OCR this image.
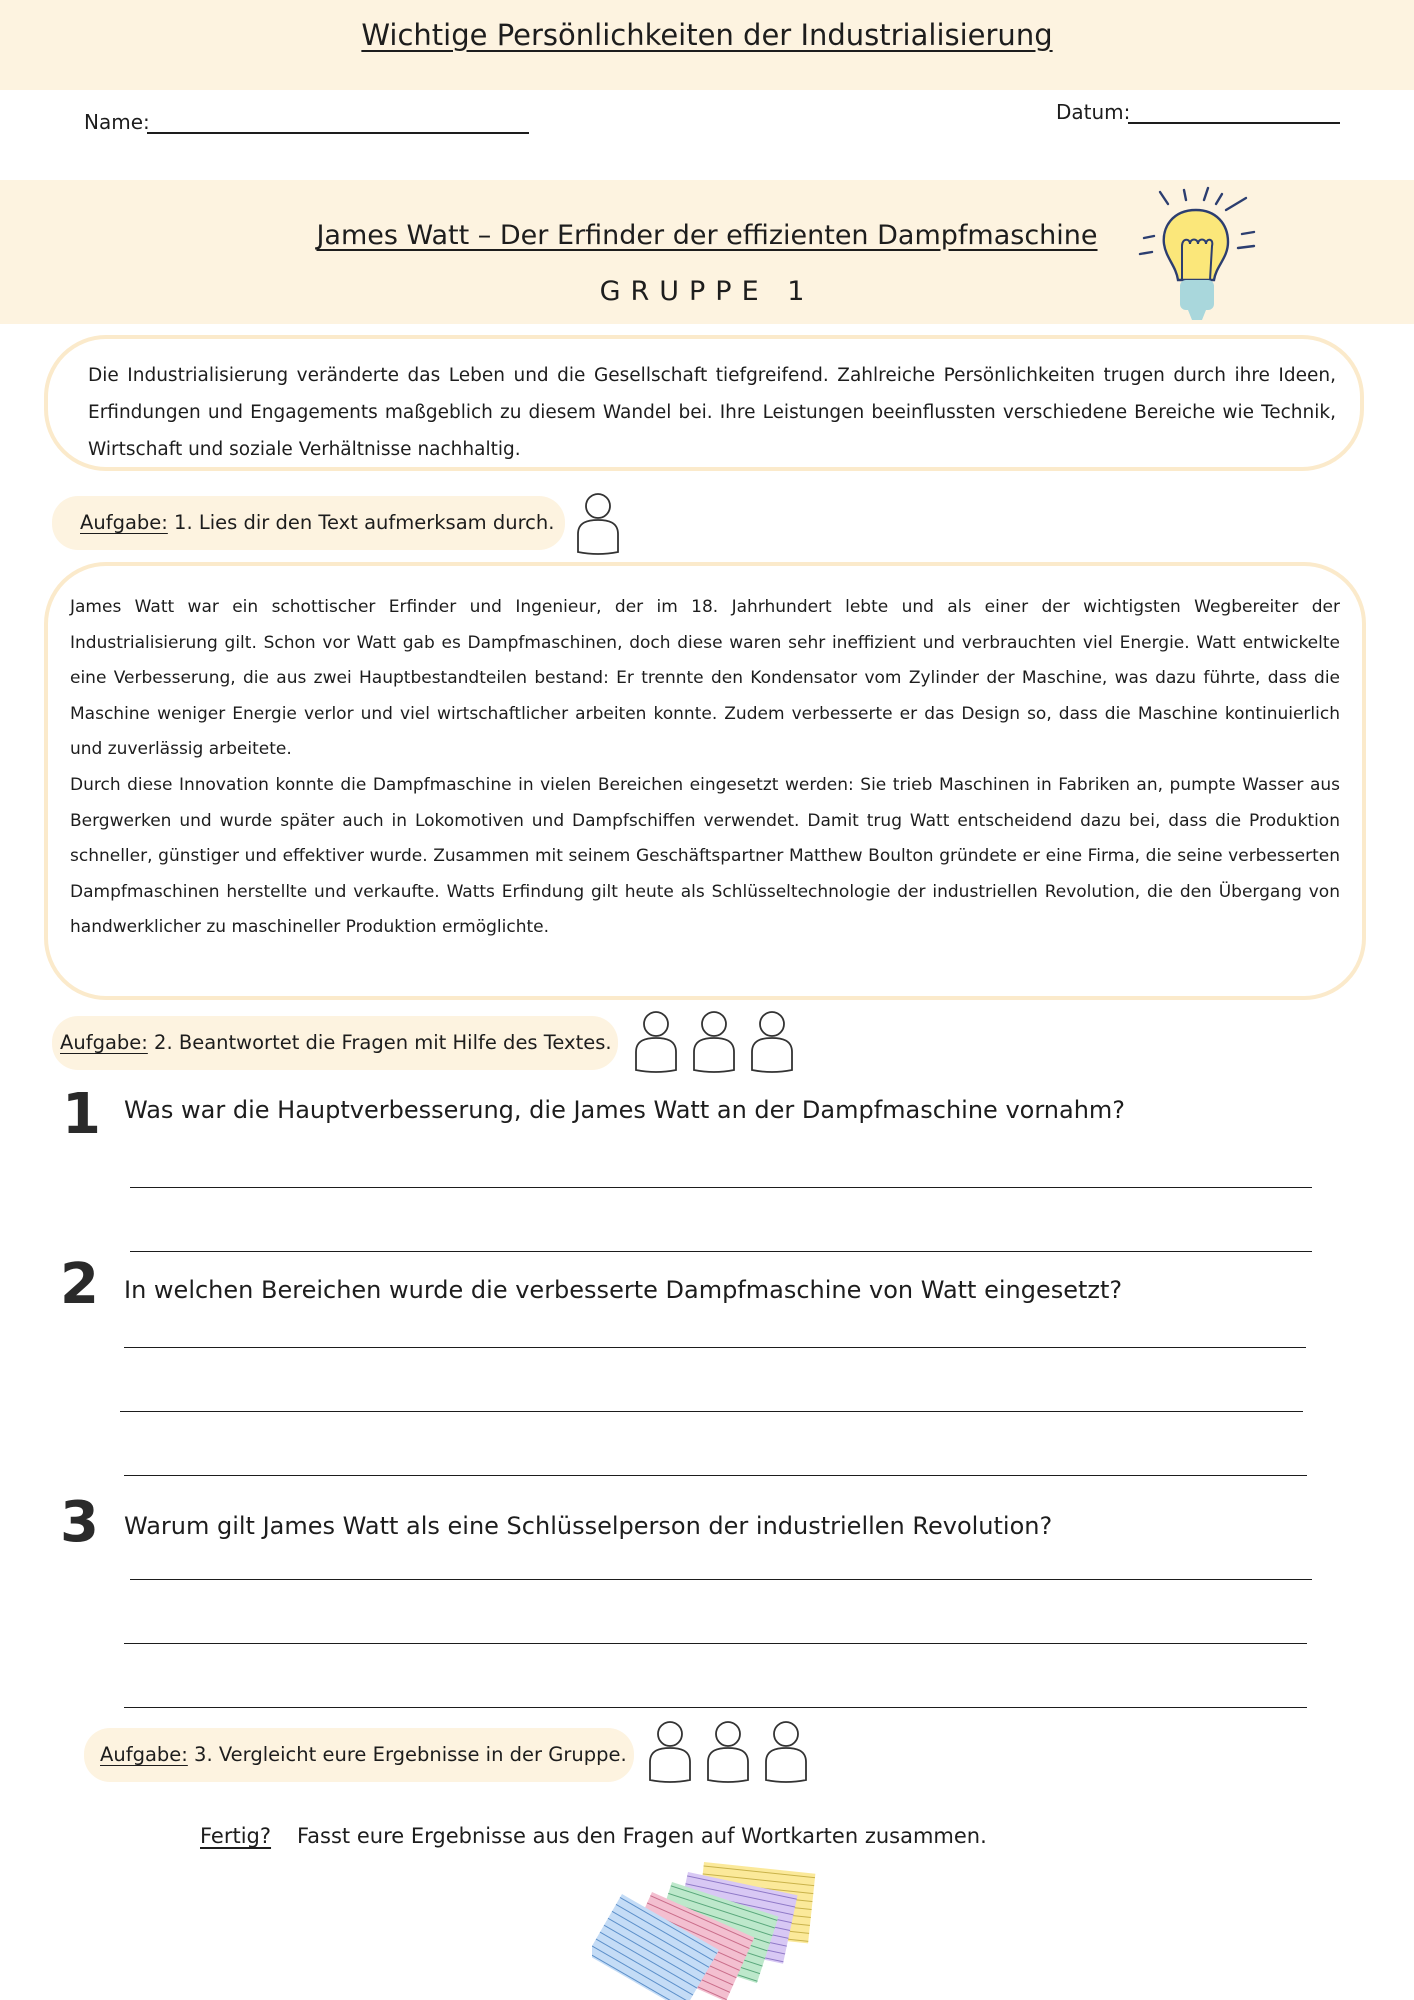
Wichtige Persönlichkeiten der Industrialisierung
Name:	Datum:
James Watt – Der Erfinder der effizienten Dampfmaschine
GRUPPE 1

Die Industrialisierung veränderte das Leben und die Gesellschaft tiefgreifend. Zahlreiche Persönlichkeiten trugen durch ihre Ideen, Erfindungen und Engagements maßgeblich zu diesem Wandel bei. Ihre Leistungen beeinflussten verschiedene Bereiche wie Technik, Wirtschaft und soziale Verhältnisse nachhaltig.

Aufgabe: 1. Lies dir den Text aufmerksam durch.

James Watt war ein schottischer Erfinder und Ingenieur, der im 18. Jahrhundert lebte und als einer der wichtigsten Wegbereiter der Industrialisierung gilt. Schon vor Watt gab es Dampfmaschinen, doch diese waren sehr ineffizient und verbrauchten viel Energie. Watt entwickelte eine Verbesserung, die aus zwei Hauptbestandteilen bestand: Er trennte den Kondensator vom Zylinder der Maschine, was dazu führte, dass die Maschine weniger Energie verlor und viel wirtschaftlicher arbeiten konnte. Zudem verbesserte er das Design so, dass die Maschine kontinuierlich und zuverlässig arbeitete.

Durch diese Innovation konnte die Dampfmaschine in vielen Bereichen eingesetzt werden: Sie trieb Maschinen in Fabriken an, pumpte Wasser aus Bergwerken und wurde später auch in Lokomotiven und Dampfschiffen verwendet. Damit trug Watt entscheidend dazu bei, dass die Produktion schneller, günstiger und effektiver wurde. Zusammen mit seinem Geschäftspartner Matthew Boulton gründete er eine Firma, die seine verbesserten Dampfmaschinen herstellte und verkaufte. Watts Erfindung gilt heute als Schlüsseltechnologie der industriellen Revolution, die den Übergang von handwerklicher zu maschineller Produktion ermöglichte.

Aufgabe: 2. Beantwortet die Fragen mit Hilfe des Textes.
1 Was war die Hauptverbesserung, die James Watt an der Dampfmaschine vornahm?
2 In welchen Bereichen wurde die verbesserte Dampfmaschine von Watt eingesetzt?
3 Warum gilt James Watt als eine Schlüsselperson der industriellen Revolution?
Aufgabe: 3. Vergleicht eure Ergebnisse in der Gruppe.
Fertig? Fasst eure Ergebnisse aus den Fragen auf Wortkarten zusammen.
